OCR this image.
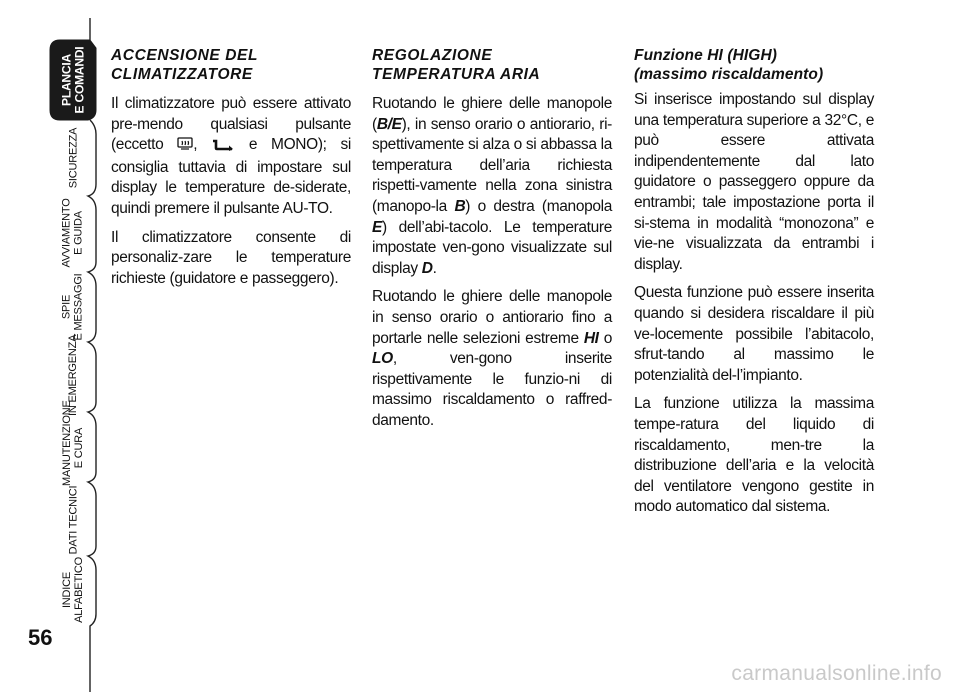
PLANCIA
E COMANDI
SICUREZZA
AVVIAMENTO
E GUIDA
SPIE
E MESSAGGI
IN EMERGENZA
MANUTENZIONE
E CURA
DATI TECNICI
INDICE
ALFABETICO
56
ACCENSIONE DEL CLIMATIZZATORE

Il climatizzatore può essere attivato pre-mendo qualsiasi pulsante (eccetto ,  e MONO); si consiglia tuttavia di impostare sul display le temperature de-siderate, quindi premere il pulsante AU-TO.

Il climatizzatore consente di personaliz-zare le temperature richieste (guidatore e passeggero).

REGOLAZIONE TEMPERATURA ARIA

Ruotando le ghiere delle manopole (B/E), in senso orario o antiorario, ri-spettivamente si alza o si abbassa la temperatura dell’aria richiesta rispetti-vamente nella zona sinistra (manopo-la B) o destra (manopola E) dell’abi-tacolo. Le temperature impostate ven-gono visualizzate sul display D.

Ruotando le ghiere delle manopole in senso orario o antiorario fino a portarle nelle selezioni estreme HI o LO, ven-gono inserite rispettivamente le funzio-ni di massimo riscaldamento o raffred-damento.

Funzione HI (HIGH)
(massimo riscaldamento)

Si inserisce impostando sul display una temperatura superiore a 32°C, e può essere attivata indipendentemente dal lato guidatore o passeggero oppure da entrambi; tale impostazione porta il si-stema in modalità “monozona” e vie-ne visualizzata da entrambi i display.

Questa funzione può essere inserita quando si desidera riscaldare il più ve-locemente possibile l’abitacolo, sfrut-tando al massimo le potenzialità del-l’impianto.

La funzione utilizza la massima tempe-ratura del liquido di riscaldamento, men-tre la distribuzione dell’aria e la velocità del ventilatore vengono gestite in modo automatico dal sistema.

carmanualsonline.info
